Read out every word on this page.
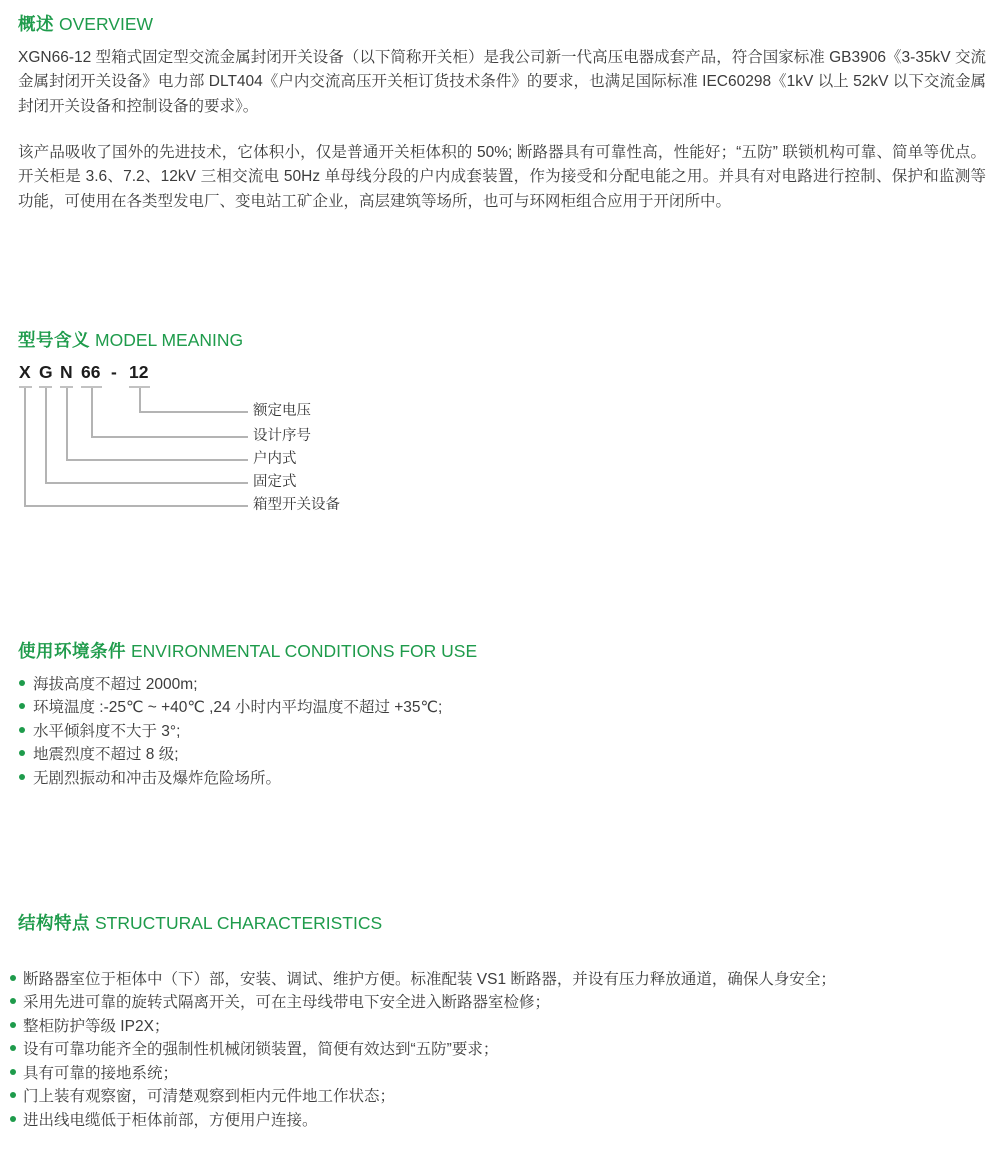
概述 OVERVIEW
XGN66-12 型箱式固定型交流金属封闭开关设备（以下简称开关柜）是我公司新一代高压电器成套产品，符合国家标准 GB3906《3-35kV 交流金属封闭开关设备》电力部 DLT404《户内交流高压开关柜订货技术条件》的要求，也满足国际标准 IEC60298《1kV 以上 52kV 以下交流金属封闭开关设备和控制设备的要求》。
该产品吸收了国外的先进技术，它体积小，仅是普通开关柜体积的 50%; 断路器具有可靠性高，性能好；“五防” 联锁机构可靠、简单等优点。开关柜是 3.6、7.2、12kV 三相交流电 50Hz 单母线分段的户内成套装置，作为接受和分配电能之用。并具有对电路进行控制、保护和监测等功能，可使用在各类型发电厂、变电站工矿企业，高层建筑等场所，也可与环网柜组合应用于开闭所中。
型号含义 MODEL MEANING
X G N 66 - 12
额定电压
设计序号
户内式
固定式
箱型开关设备
使用环境条件 ENVIRONMENTAL CONDITIONS FOR USE
海拔高度不超过 2000m;
环境温度 :-25℃ ~ +40℃ ,24 小时内平均温度不超过 +35℃;
水平倾斜度不大于 3°;
地震烈度不超过 8 级;
无剧烈振动和冲击及爆炸危险场所。
结构特点 STRUCTURAL CHARACTERISTICS
断路器室位于柜体中（下）部，安装、调试、维护方便。标准配装 VS1 断路器，并设有压力释放通道，确保人身安全；
采用先进可靠的旋转式隔离开关，可在主母线带电下安全进入断路器室检修；
整柜防护等级 IP2X；
设有可靠功能齐全的强制性机械闭锁装置，简便有效达到“五防”要求；
具有可靠的接地系统；
门上装有观察窗，可清楚观察到柜内元件地工作状态；
进出线电缆低于柜体前部，方便用户连接。
